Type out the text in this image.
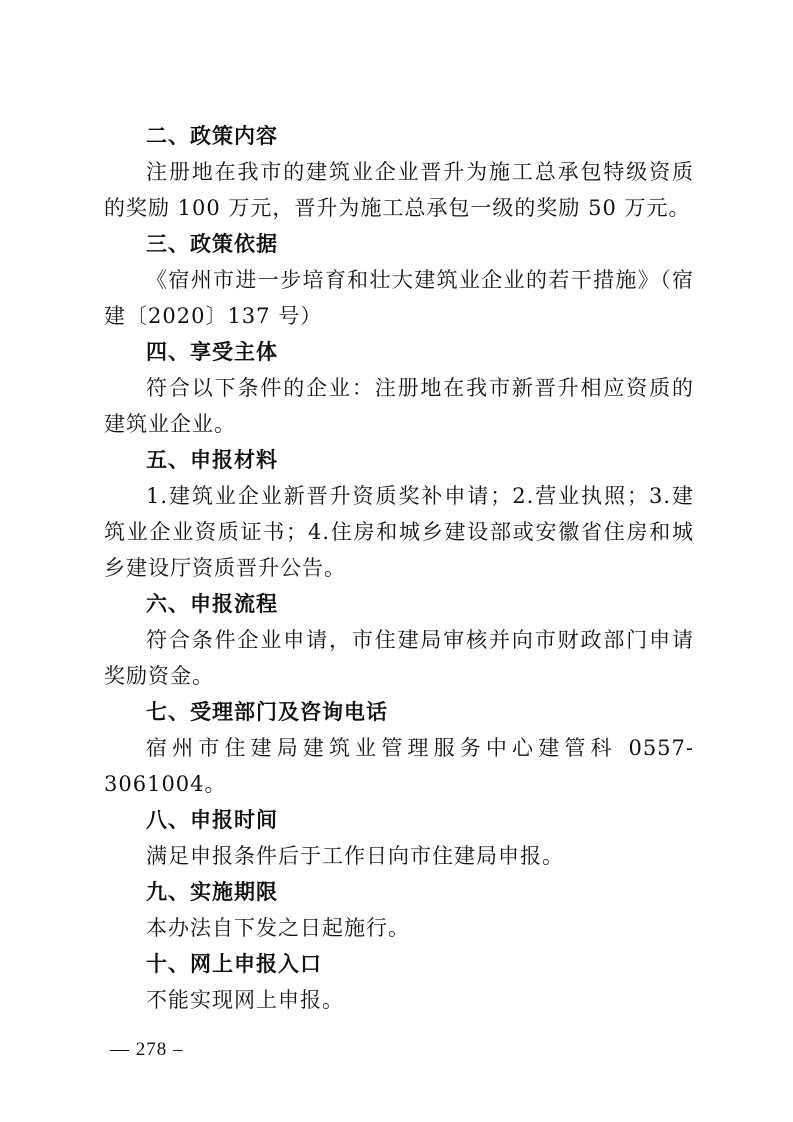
二、政策内容

注册地在我市的建筑业企业晋升为施工总承包特级资质的奖励 100 万元，晋升为施工总承包一级的奖励 50 万元。

三、政策依据

《宿州市进一步培育和壮大建筑业企业的若干措施》（宿建〔2020〕137 号）

四、享受主体

符合以下条件的企业：注册地在我市新晋升相应资质的建筑业企业。

五、申报材料

1.建筑业企业新晋升资质奖补申请；2.营业执照；3.建筑业企业资质证书；4.住房和城乡建设部或安徽省住房和城乡建设厅资质晋升公告。

六、申报流程

符合条件企业申请，市住建局审核并向市财政部门申请奖励资金。

七、受理部门及咨询电话

宿州市住建局建筑业管理服务中心建管科 0557-3061004。

八、申报时间

满足申报条件后于工作日向市住建局申报。

九、实施期限

本办法自下发之日起施行。

十、网上申报入口

不能实现网上申报。

— 278 –
